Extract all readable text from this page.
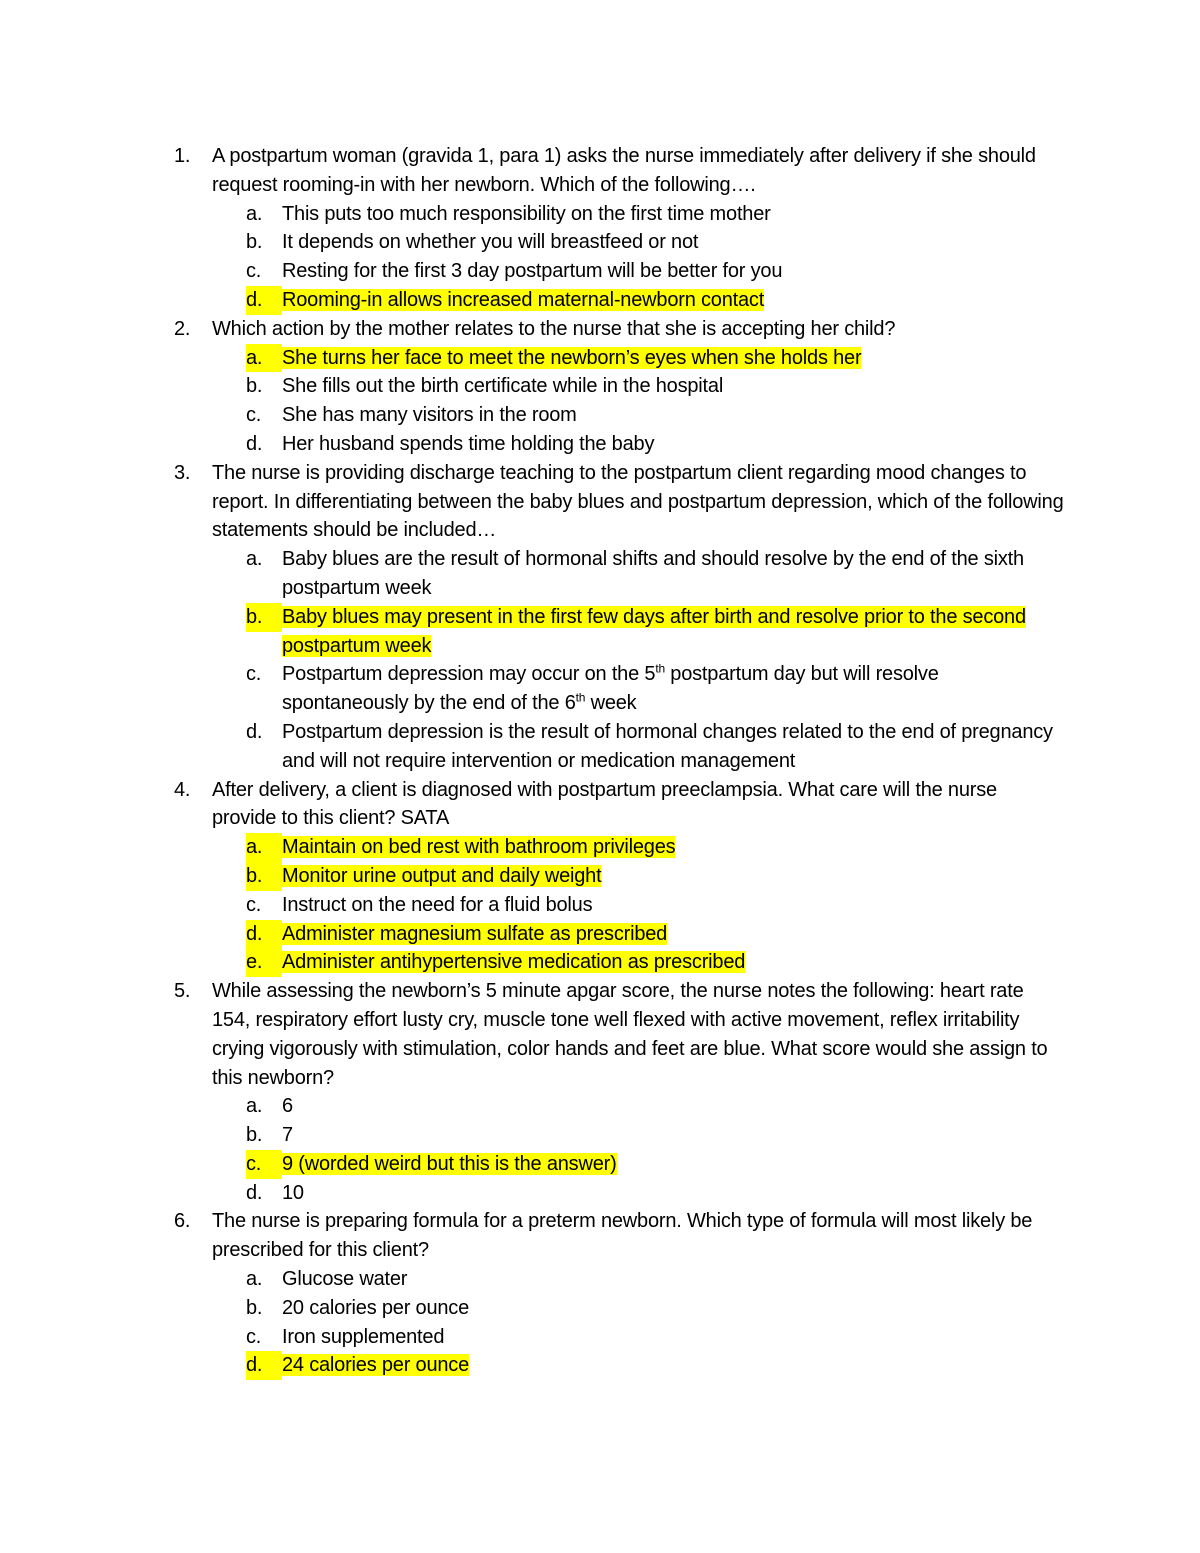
1.	A postpartum woman (gravida 1, para 1) asks the nurse immediately after delivery if she should request rooming-in with her newborn. Which of the following….
a. This puts too much responsibility on the first time mother
b. It depends on whether you will breastfeed or not
c.	Resting for the first 3 day postpartum will be better for you
d. Rooming-in allows increased maternal-newborn contact
2.	Which action by the mother relates to the nurse that she is accepting her child?
a. She turns her face to meet the newborn’s eyes when she holds her
b. She fills out the birth certificate while in the hospital
c.	She has many visitors in the room
d. Her husband spends time holding the baby
3.	The nurse is providing discharge teaching to the postpartum client regarding mood changes to report. In differentiating between the baby blues and postpartum depression, which of the following statements should be included…
a. Baby blues are the result of hormonal shifts and should resolve by the end of the sixth postpartum week
b. Baby blues may present in the first few days after birth and resolve prior to the second postpartum week
c.	Postpartum depression may occur on the 5th postpartum day but will resolve spontaneously by the end of the 6th week
d. Postpartum depression is the result of hormonal changes related to the end of pregnancy and will not require intervention or medication management
4.	After delivery, a client is diagnosed with postpartum preeclampsia. What care will the nurse provide to this client? SATA
a. Maintain on bed rest with bathroom privileges
b. Monitor urine output and daily weight
c.	Instruct on the need for a fluid bolus
d. Administer magnesium sulfate as prescribed
e. Administer antihypertensive medication as prescribed
5.	While assessing the newborn’s 5 minute apgar score, the nurse notes the following: heart rate 154, respiratory effort lusty cry, muscle tone well flexed with active movement, reflex irritability crying vigorously with stimulation, color hands and feet are blue. What score would she assign to this newborn?
a. 6
b. 7
c.	9 (worded weird but this is the answer)
d. 10
6.	The nurse is preparing formula for a preterm newborn. Which type of formula will most likely be prescribed for this client?
a. Glucose water
b. 20 calories per ounce
c.	Iron supplemented
d. 24 calories per ounce
